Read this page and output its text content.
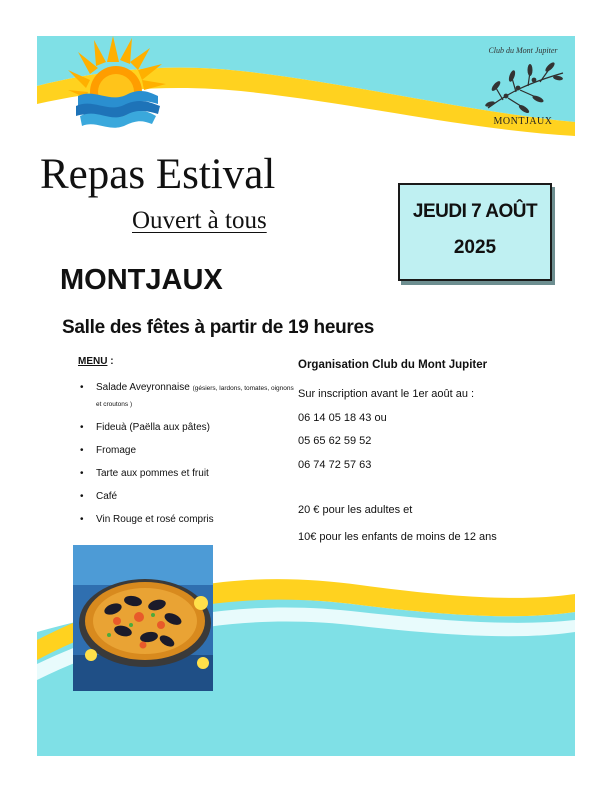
Club du Mont Jupiter
MONTJAUX
Repas Estival
Ouvert à tous	JEUDI 7 AOÛT
2025
MONTJAUX
Salle des fêtes à partir de 19 heures
MENU :
• Salade Aveyronnaise (gésiers, lardons, tomates, oignons et croutons )
• Fideuà (Paëlla aux pâtes)
• Fromage
• Tarte aux pommes et fruit
• Café
• Vin Rouge et rosé compris
Organisation Club du Mont Jupiter
Sur inscription avant le 1er août au :
06 14 05 18 43 ou
05 65 62 59 52
06 74 72 57 63
20 € pour les adultes et
10€ pour les enfants de moins de 12 ans
